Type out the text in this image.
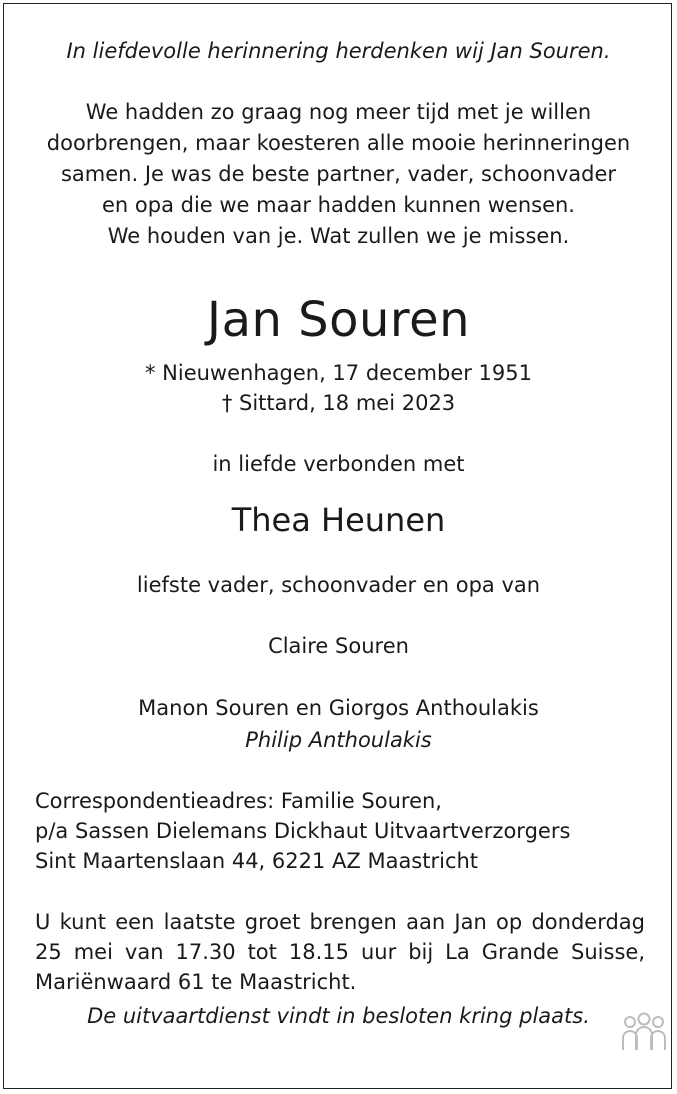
In liefdevolle herinnering herdenken wij Jan Souren.
We hadden zo graag nog meer tijd met je willen
doorbrengen, maar koesteren alle mooie herinneringen
samen. Je was de beste partner, vader, schoonvader
en opa die we maar hadden kunnen wensen.
We houden van je. Wat zullen we je missen.
Jan Souren
* Nieuwenhagen, 17 december 1951
† Sittard, 18 mei 2023
in liefde verbonden met
Thea Heunen
liefste vader, schoonvader en opa van
Claire Souren
Manon Souren en Giorgos Anthoulakis
Philip Anthoulakis
Correspondentieadres: Familie Souren,
p/a Sassen Dielemans Dickhaut Uitvaartverzorgers
Sint Maartenslaan 44, 6221 AZ Maastricht
U kunt een laatste groet brengen aan Jan op donderdag
25 mei van 17.30 tot 18.15 uur bij La Grande Suisse,
Mariënwaard 61 te Maastricht.
De uitvaartdienst vindt in besloten kring plaats.
